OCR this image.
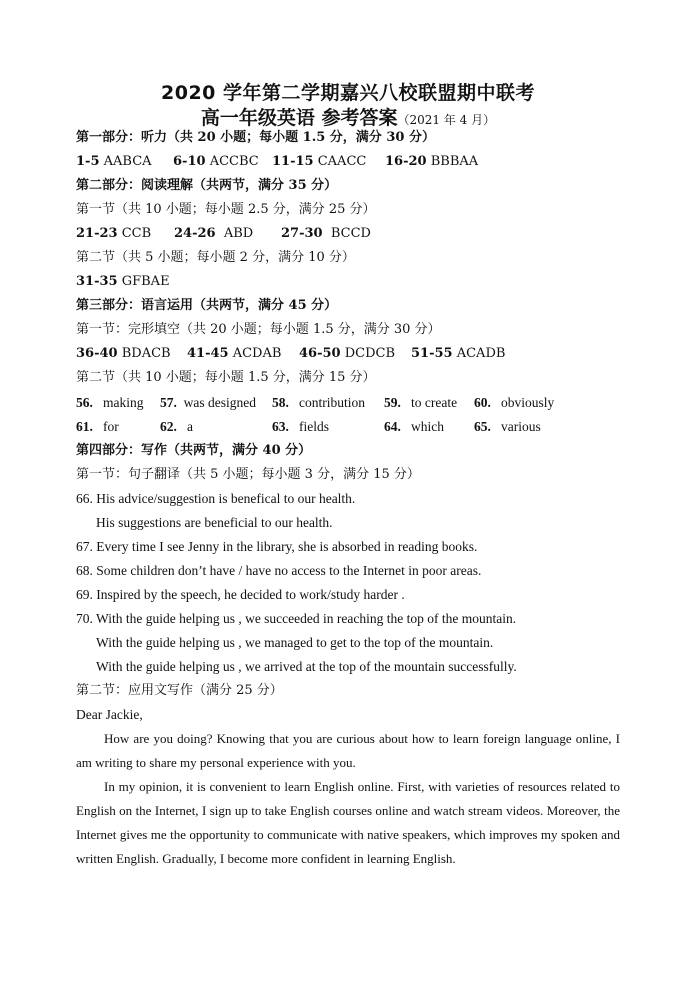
2020 学年第二学期嘉兴八校联盟期中联考
高一年级英语 参考答案（2021 年 4 月）
第一部分：听力（共 20 小题；每小题 1.5 分，满分 30 分）
1-5 AABCA 6-10 ACCBC 11-15 CAACC 16-20 BBBAA
第二部分：阅读理解（共两节，满分 35 分）
第一节（共 10 小题；每小题 2.5 分，满分 25 分）
21-23 CCB 24-26 ABD 27-30 BCCD
第二节（共 5 小题；每小题 2 分，满分 10 分）
31-35 GFBAE
第三部分：语言运用（共两节，满分 45 分）
第一节：完形填空（共 20 小题；每小题 1.5 分，满分 30 分）
36-40 BDACB 41-45 ACDAB 46-50 DCDCB 51-55 ACADB
第二节（共 10 小题；每小题 1.5 分，满分 15 分）
56. making 57. was designed 58. contribution 59. to create 60. obviously
61. for	62. a	63. fields	64. which 65. various
第四部分：写作（共两节，满分 40 分）
第一节：句子翻译（共 5 小题；每小题 3 分，满分 15 分）
66. His advice/suggestion is benefical to our health.
His suggestions are beneficial to our health.
67. Every time I see Jenny in the library, she is absorbed in reading books.
68. Some children don’t have / have no access to the Internet in poor areas.
69. Inspired by the speech, he decided to work/study harder .
70. With the guide helping us , we succeeded in reaching the top of the mountain.
With the guide helping us , we managed to get to the top of the mountain.
With the guide helping us , we arrived at the top of the mountain successfully.
第二节：应用文写作（满分 25 分）
Dear Jackie,
How are you doing? Knowing that you are curious about how to learn foreign language online, I am writing to share my personal experience with you.
In my opinion, it is convenient to learn English online. First, with varieties of resources related to English on the Internet, I sign up to take English courses online and watch stream videos. Moreover, the Internet gives me the opportunity to communicate with native speakers, which improves my spoken and written English. Gradually, I become more confident in learning English.
